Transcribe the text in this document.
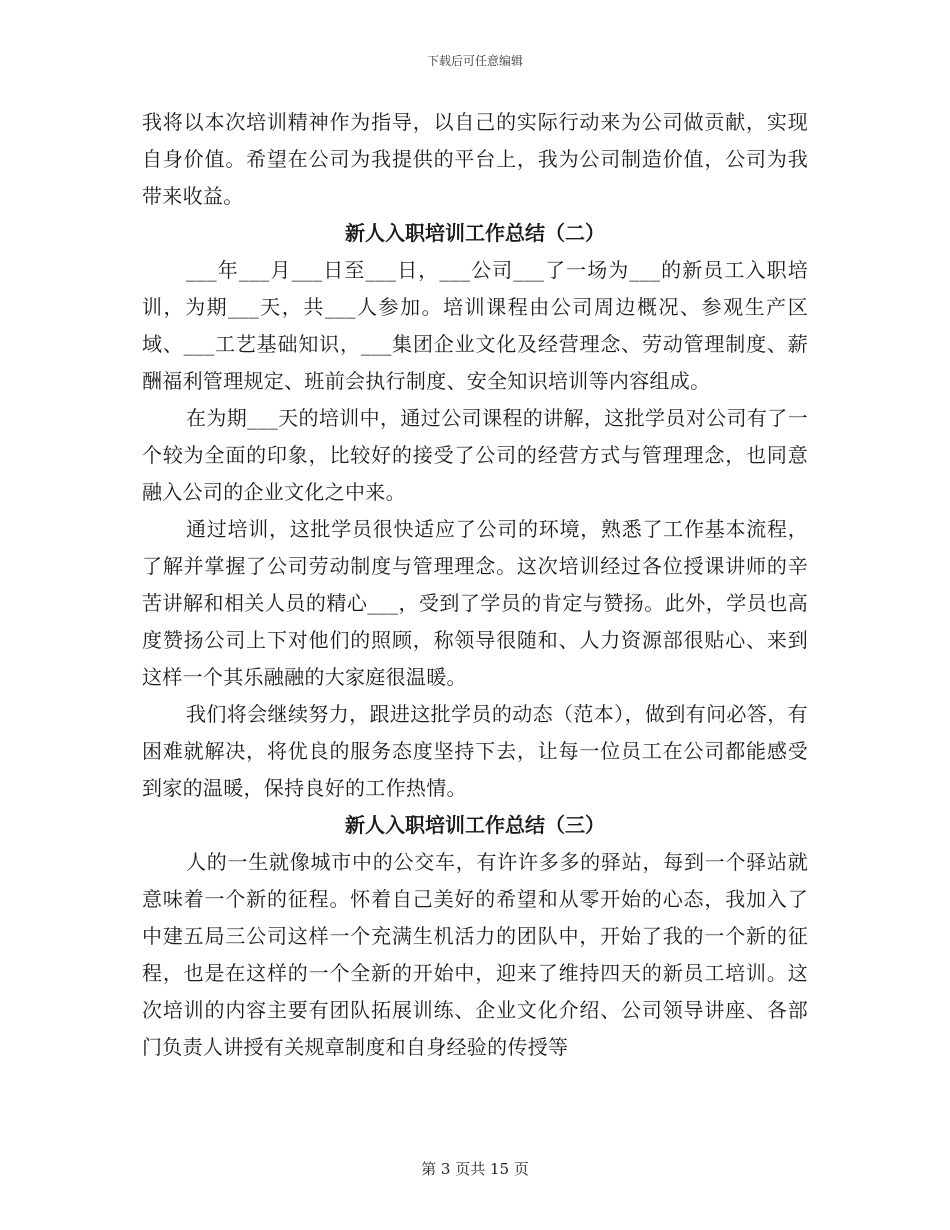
下载后可任意编辑

我将以本次培训精神作为指导，以自己的实际行动来为公司做贡献，实现自身价值。希望在公司为我提供的平台上，我为公司制造价值，公司为我带来收益。

新人入职培训工作总结（二）

___年___月___日至___日，___公司___了一场为___的新员工入职培训，为期___天，共___人参加。培训课程由公司周边概况、参观生产区域、___工艺基础知识，___集团企业文化及经营理念、劳动管理制度、薪酬福利管理规定、班前会执行制度、安全知识培训等内容组成。

在为期___天的培训中，通过公司课程的讲解，这批学员对公司有了一个较为全面的印象，比较好的接受了公司的经营方式与管理理念，也同意融入公司的企业文化之中来。

通过培训，这批学员很快适应了公司的环境，熟悉了工作基本流程，了解并掌握了公司劳动制度与管理理念。这次培训经过各位授课讲师的辛苦讲解和相关人员的精心___，受到了学员的肯定与赞扬。此外，学员也高度赞扬公司上下对他们的照顾，称领导很随和、人力资源部很贴心、来到这样一个其乐融融的大家庭很温暖。

我们将会继续努力，跟进这批学员的动态（范本），做到有问必答，有困难就解决，将优良的服务态度坚持下去，让每一位员工在公司都能感受到家的温暖，保持良好的工作热情。

新人入职培训工作总结（三）

人的一生就像城市中的公交车，有许许多多的驿站，每到一个驿站就意味着一个新的征程。怀着自己美好的希望和从零开始的心态，我加入了中建五局三公司这样一个充满生机活力的团队中，开始了我的一个新的征程，也是在这样的一个全新的开始中，迎来了维持四天的新员工培训。这次培训的内容主要有团队拓展训练、企业文化介绍、公司领导讲座、各部门负责人讲授有关规章制度和自身经验的传授等

第 3 页共 15 页
